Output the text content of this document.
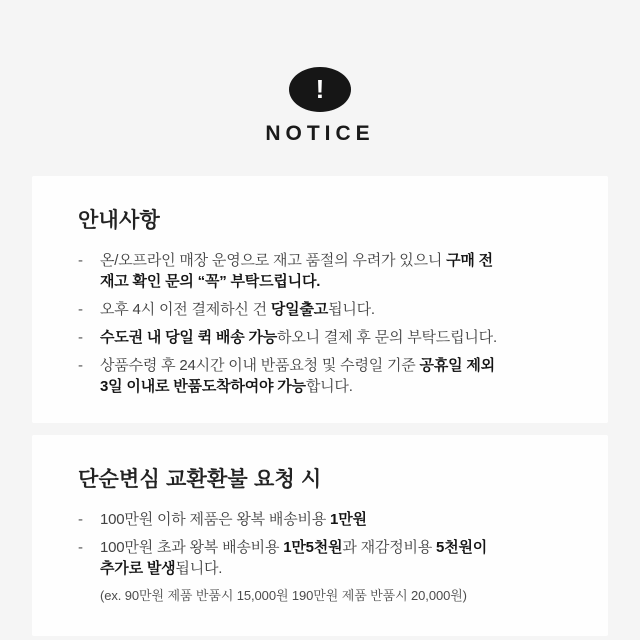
!
NOTICE
안내사항
-	온/오프라인 매장 운영으로 재고 품절의 우려가 있으니 구매 전
재고 확인 문의 “꼭” 부탁드립니다.
-	오후 4시 이전 결제하신 건 당일출고됩니다.
-	수도권 내 당일 퀵 배송 가능하오니 결제 후 문의 부탁드립니다.
-	상품수령 후 24시간 이내 반품요청 및 수령일 기준 공휴일 제외
3일 이내로 반품도착하여야 가능합니다.
단순변심 교환환불 요청 시
-	100만원 이하 제품은 왕복 배송비용 1만원
-	100만원 초과 왕복 배송비용 1만5천원과 재감정비용 5천원이
추가로 발생됩니다.

(ex. 90만원 제품 반품시 15,000원 190만원 제품 반품시 20,000원)
